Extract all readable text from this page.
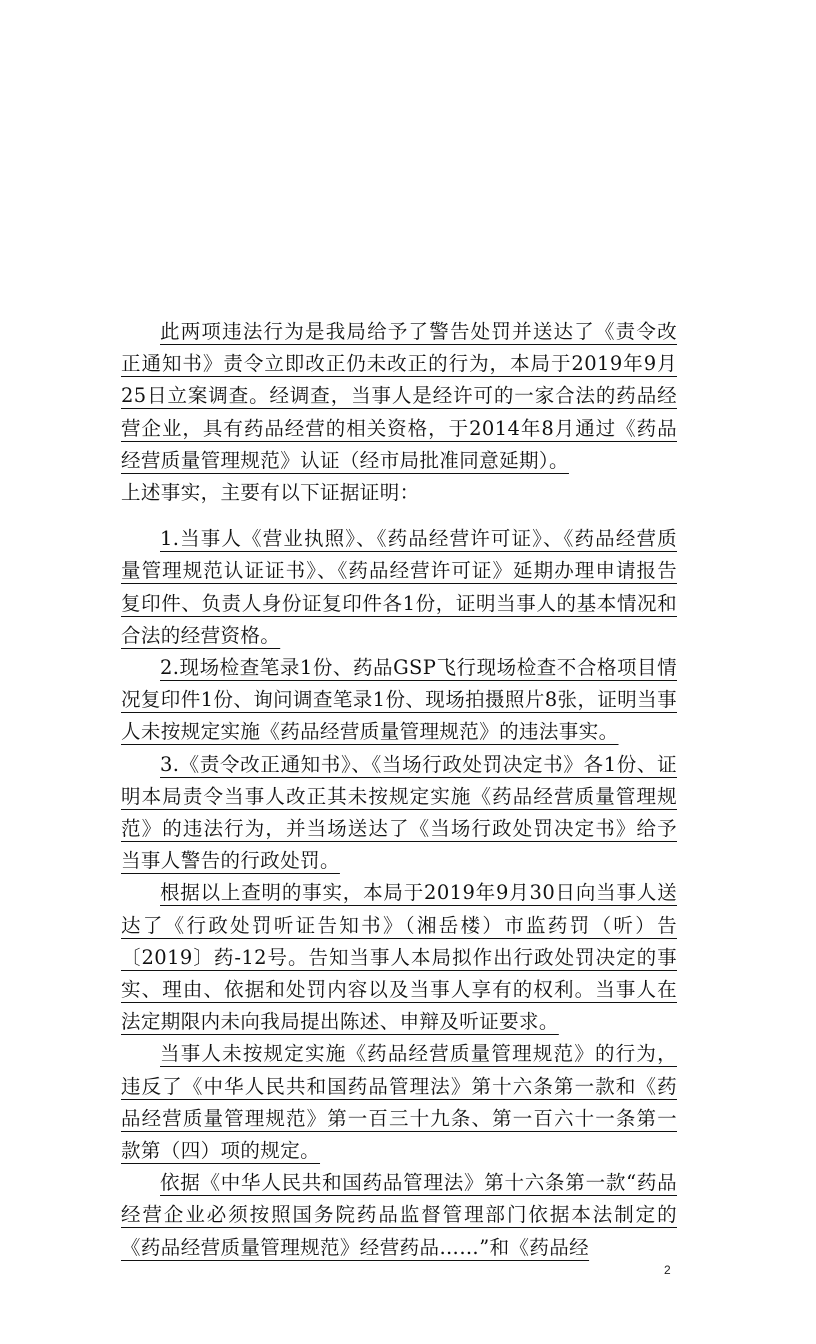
此两项违法行为是我局给予了警告处罚并送达了《责令改正通知书》责令立即改正仍未改正的行为，本局于2019年9月25日立案调查。经调查，当事人是经许可的一家合法的药品经营企业，具有药品经营的相关资格，于2014年8月通过《药品经营质量管理规范》认证（经市局批准同意延期）。

上述事实，主要有以下证据证明：

1.当事人《营业执照》、《药品经营许可证》、《药品经营质量管理规范认证证书》、《药品经营许可证》延期办理申请报告复印件、负责人身份证复印件各1份，证明当事人的基本情况和合法的经营资格。

2.现场检查笔录1份、药品GSP飞行现场检查不合格项目情况复印件1份、询问调查笔录1份、现场拍摄照片8张，证明当事人未按规定实施《药品经营质量管理规范》的违法事实。

3.《责令改正通知书》、《当场行政处罚决定书》各1份、证明本局责令当事人改正其未按规定实施《药品经营质量管理规范》的违法行为，并当场送达了《当场行政处罚决定书》给予当事人警告的行政处罚。

根据以上查明的事实，本局于2019年9月30日向当事人送达了《行政处罚听证告知书》（湘岳楼）市监药罚（听）告〔2019〕药-12号。告知当事人本局拟作出行政处罚决定的事实、理由、依据和处罚内容以及当事人享有的权利。当事人在法定期限内未向我局提出陈述、申辩及听证要求。

当事人未按规定实施《药品经营质量管理规范》的行为，违反了《中华人民共和国药品管理法》第十六条第一款和《药品经营质量管理规范》第一百三十九条、第一百六十一条第一款第（四）项的规定。

依据《中华人民共和国药品管理法》第十六条第一款“药品经营企业必须按照国务院药品监督管理部门依据本法制定的《药品经营质量管理规范》经营药品……”和《药品经

2
